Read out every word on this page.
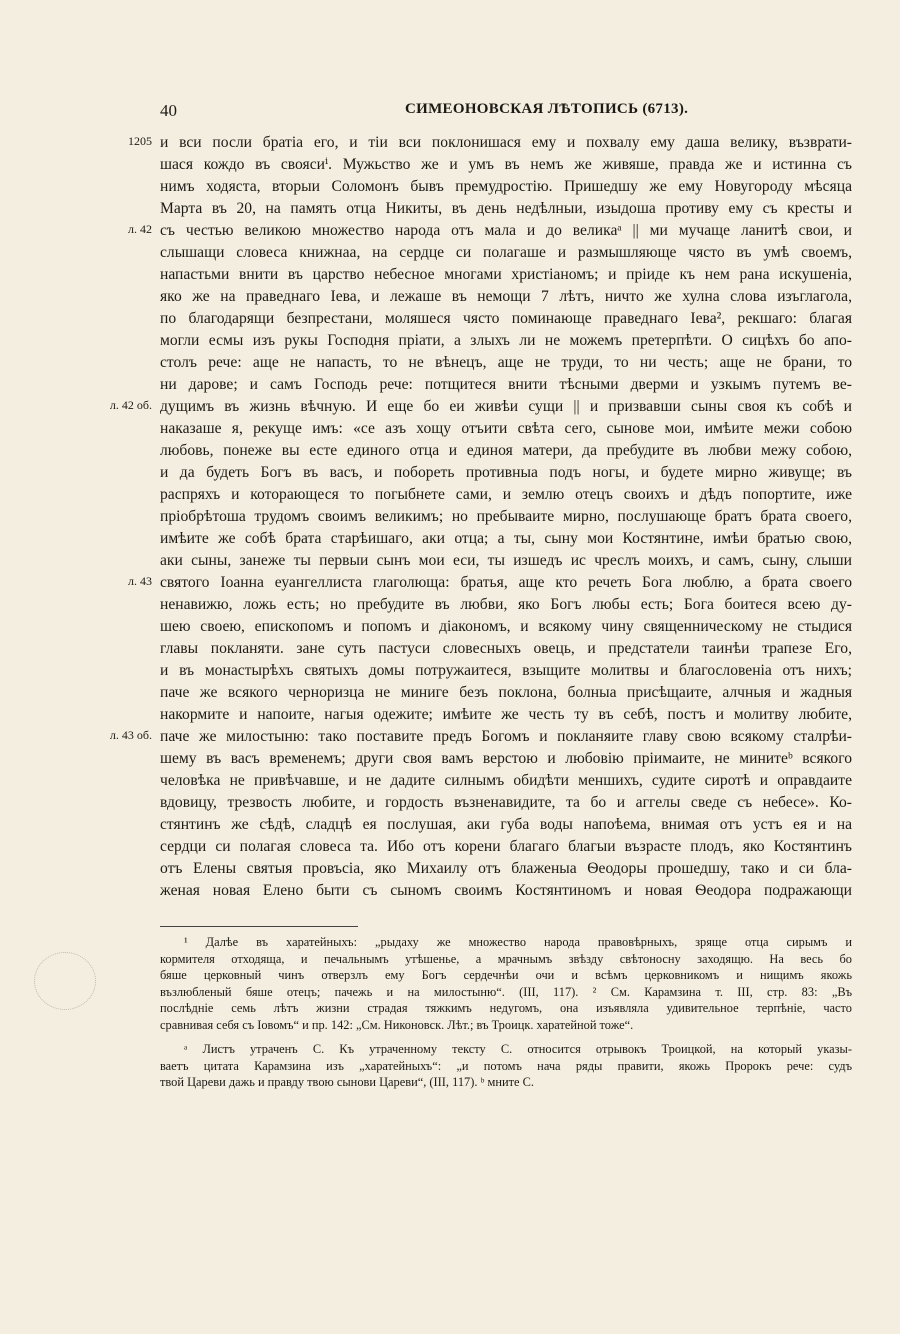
40	СИМЕОНОВСКАЯ ЛѢТОПИСЬ (6713).
1205
л. 42
л. 42 об.
л. 43
л. 43 об.
и вси посли братіа его, и тіи вси поклонишася ему и похвалу ему даша велику, възврати-
шася кождо въ своясиⁱ. Мужьство же и умъ въ немъ же живяше, правда же и истинна съ
нимъ ходяста, вторыи Соломонъ бывъ премудростію. Пришедшу же ему Новугороду мѣсяца
Марта въ 20, на память отца Никиты, въ день недѣлныи, изыдоша противу ему съ кресты и
съ честью великою множество народа отъ мала и до великаᵃ || ми мучаще ланитѣ свои, и
слышащи словеса книжнаа, на сердце си полагаше и размышляюще чясто въ умѣ своемъ,
напастьми внити въ царство небесное многами христіаномъ; и пріиде къ нем рана искушеніа,
яко же на праведнаго Іева, и лежаше въ немощи 7 лѣтъ, ничто же хулна слова изъглагола,
по благодарящи безпрестани, моляшеся чясто поминающе праведнаго Іева², рекшаго: благая
могли есмы изъ рукы Господня пріати, а злыхъ ли не можемъ претерпѣти. О сицѣхъ бо апо-
столъ рече: аще не напасть, то не вѣнецъ, аще не труди, то ни честь; аще не брани, то
ни дарове; и самъ Господь рече: потщитеся внити тѣсными дверми и узкымъ путемъ ве-
дущимъ въ жизнь вѣчную. И еще бо еи живѣи сущи || и призвавши сыны своя къ собѣ и
наказаше я, рекуще имъ: «се азъ хощу отъити свѣта сего, сынове мои, имѣите межи собою
любовь, понеже вы есте единого отца и единоя матери, да пребудите въ любви межу собою,
и да будеть Богъ въ васъ, и побореть противныа подъ ногы, и будете мирно живуще; въ
распряхъ и которающеся то погыбнете сами, и землю отецъ своихъ и дѣдъ попортите, иже
пріобрѣтоша трудомъ своимъ великимъ; но пребываите мирно, послушающе братъ брата своего,
имѣите же собѣ брата старѣишаго, аки отца; а ты, сыну мои Костянтине, имѣи братью свою,
аки сыны, занеже ты первыи сынъ мои еси, ты изшедъ ис чреслъ моихъ, и самъ, сыну, слыши
святого Іоанна еуангеллиста глаголюща: братья, аще кто речеть Бога люблю, а брата своего
ненавижю, ложь есть; но пребудите въ любви, яко Богъ любы есть; Бога боитеся всею ду-
шею своею, епископомъ и попомъ и діакономъ, и всякому чину священническому не стыдися
главы покланяти. зане суть пастуси словесныхъ овець, и предстатели таинѣи трапезе Его,
и въ монастырѣхъ святыхъ домы потружаитеся, взыщите молитвы и благословеніа отъ нихъ;
паче же всякого черноризца не миниге безъ поклона, болныа присѣщаите, алчныя и жадныя
накормите и напоите, нагыя одежите; имѣите же честь ту въ себѣ, постъ и молитву любите,
паче же милостыню: тако поставите предъ Богомъ и покланяите главу свою всякому сталрѣи-
шему въ васъ временемъ; други своя вамъ верстою и любовію пріимаите, не минитеᵇ всякого
человѣка не привѣчавше, и не дадите силнымъ обидѣти меншихъ, судите сиротѣ и оправдаите
вдовицу, трезвость любите, и гордость възненавидите, та бо и аггелы сведе съ небесе». Ко-
стянтинъ же сѣдѣ, сладцѣ ея послушая, аки губа воды напоѣема, внимая отъ устъ ея и на
сердци си полагая словеса та. Ибо отъ корени благаго благыи възрасте плодъ, яко Костянтинъ
отъ Елены святыя провъсіа, яко Михаилу отъ блаженыа Ѳеодоры прошедшу, тако и си бла-
женая новая Елено быти съ сыномъ своимъ Костянтиномъ и новая Ѳеодора подражающи
¹ Далѣе въ харатейныхъ: „рыдаху же множество народа правовѣрныхъ, зряще отца сирымъ и
кормителя отходяща, и печальнымъ утѣшенье, а мрачнымъ звѣзду свѣтоносну заходящю. На весь бо
бяше церковный чинъ отверзлъ ему Богъ сердечнѣи очи и всѣмъ церковникомъ и нищимъ якожь
възлюбленый бяше отецъ; пачежь и на милостыню“. (III, 117). ² См. Карамзина т. III, стр. 83: „Въ
послѣдніе семь лѣтъ жизни страдая тяжкимъ недугомъ, она изъявляла удивительное терпѣніе, часто
сравнивая себя съ Іовомъ“ и пр. 142: „См. Никоновск. Лѣт.; въ Троицк. харатейной тоже“.
ᵃ Листъ утраченъ С. Къ утраченному тексту С. относится отрывокъ Троицкой, на который указы-
ваетъ цитата Карамзина изъ „харатейныхъ“: „и потомъ нача ряды правити, якожь Пророкъ рече: судъ
твой Цареви дажь и правду твою сынови Цареви“, (III, 117). ᵇ мните С.
